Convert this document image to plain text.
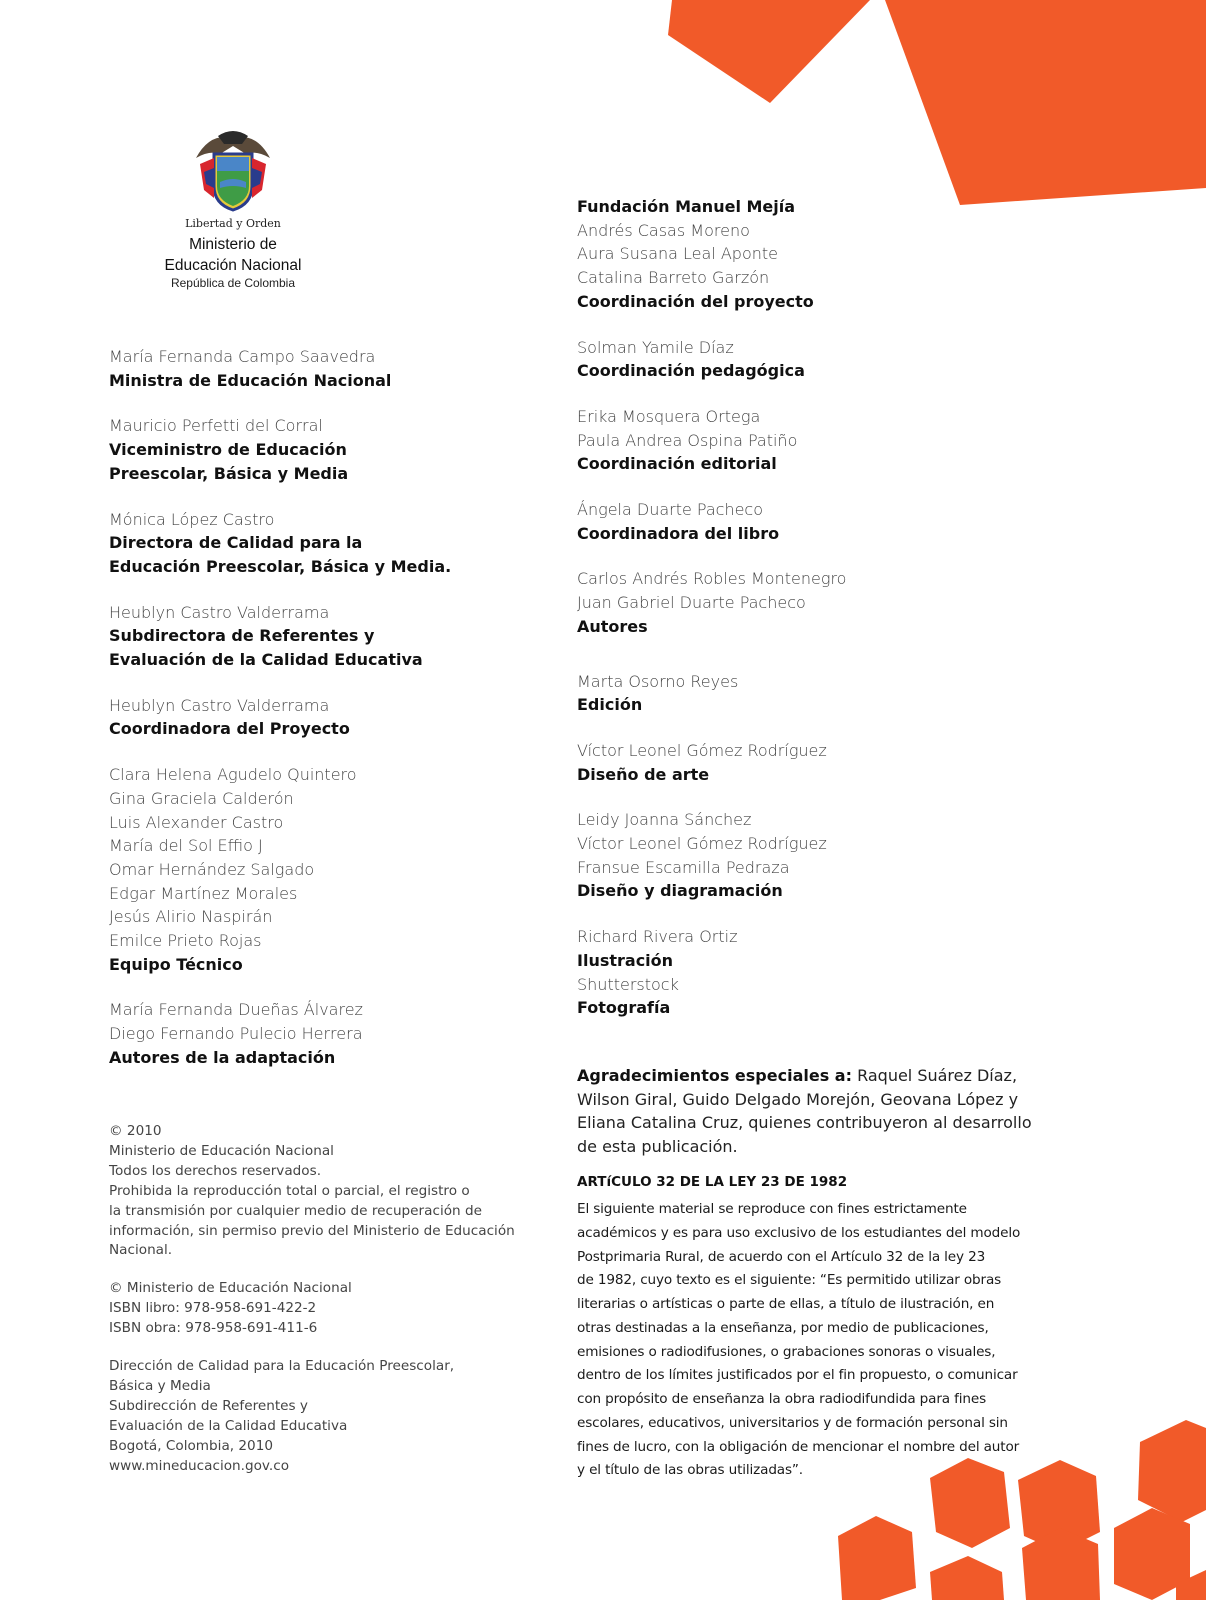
Libertad y Orden
Ministerio de
Educación Nacional
República de Colombia
María Fernanda Campo Saavedra
Ministra de Educación Nacional
Mauricio Perfetti del Corral
Viceministro de Educación
Preescolar, Básica y Media
Mónica López Castro
Directora de Calidad para la
Educación Preescolar, Básica y Media.
Heublyn Castro Valderrama
Subdirectora de Referentes y
Evaluación de la Calidad Educativa
Heublyn Castro Valderrama
Coordinadora del Proyecto
Clara Helena Agudelo Quintero
Gina Graciela Calderón
Luis Alexander Castro
María del Sol Effio J
Omar Hernández Salgado
Edgar Martínez Morales
Jesús Alirio Naspirán
Emilce Prieto Rojas
Equipo Técnico
María Fernanda Dueñas Álvarez
Diego Fernando Pulecio Herrera
Autores de la adaptación
© 2010
Ministerio de Educación Nacional
Todos los derechos reservados.
Prohibida la reproducción total o parcial, el registro o
la transmisión por cualquier medio de recuperación de
información, sin permiso previo del Ministerio de Educación
Nacional.
© Ministerio de Educación Nacional
ISBN libro: 978-958-691-422-2
ISBN obra: 978-958-691-411-6
Dirección de Calidad para la Educación Preescolar,
Básica y Media
Subdirección de Referentes y
Evaluación de la Calidad Educativa
Bogotá, Colombia, 2010
www.mineducacion.gov.co
Fundación Manuel Mejía
Andrés Casas Moreno
Aura Susana Leal Aponte
Catalina Barreto Garzón
Coordinación del proyecto
Solman Yamile Díaz
Coordinación pedagógica
Erika Mosquera Ortega
Paula Andrea Ospina Patiño
Coordinación editorial
Ángela Duarte Pacheco
Coordinadora del libro
Carlos Andrés Robles Montenegro
Juan Gabriel Duarte Pacheco
Autores
Marta Osorno Reyes
Edición
Víctor Leonel Gómez Rodríguez
Diseño de arte
Leidy Joanna Sánchez
Víctor Leonel Gómez Rodríguez
Fransue Escamilla Pedraza
Diseño y diagramación
Richard Rivera Ortiz
Ilustración
Shutterstock
Fotografía
Agradecimientos especiales a: Raquel Suárez Díaz,
Wilson Giral, Guido Delgado Morejón, Geovana López y
Eliana Catalina Cruz, quienes contribuyeron al desarrollo
de esta publicación.
ARTíCULO 32 DE LA LEY 23 DE 1982
El siguiente material se reproduce con fines estrictamente
académicos y es para uso exclusivo de los estudiantes del modelo
Postprimaria Rural, de acuerdo con el Artículo 32 de la ley 23
de 1982, cuyo texto es el siguiente: “Es permitido utilizar obras
literarias o artísticas o parte de ellas, a título de ilustración, en
otras destinadas a la enseñanza, por medio de publicaciones,
emisiones o radiodifusiones, o grabaciones sonoras o visuales,
dentro de los límites justificados por el fin propuesto, o comunicar
con propósito de enseñanza la obra radiodifundida para fines
escolares, educativos, universitarios y de formación personal sin
fines de lucro, con la obligación de mencionar el nombre del autor
y el título de las obras utilizadas”.
